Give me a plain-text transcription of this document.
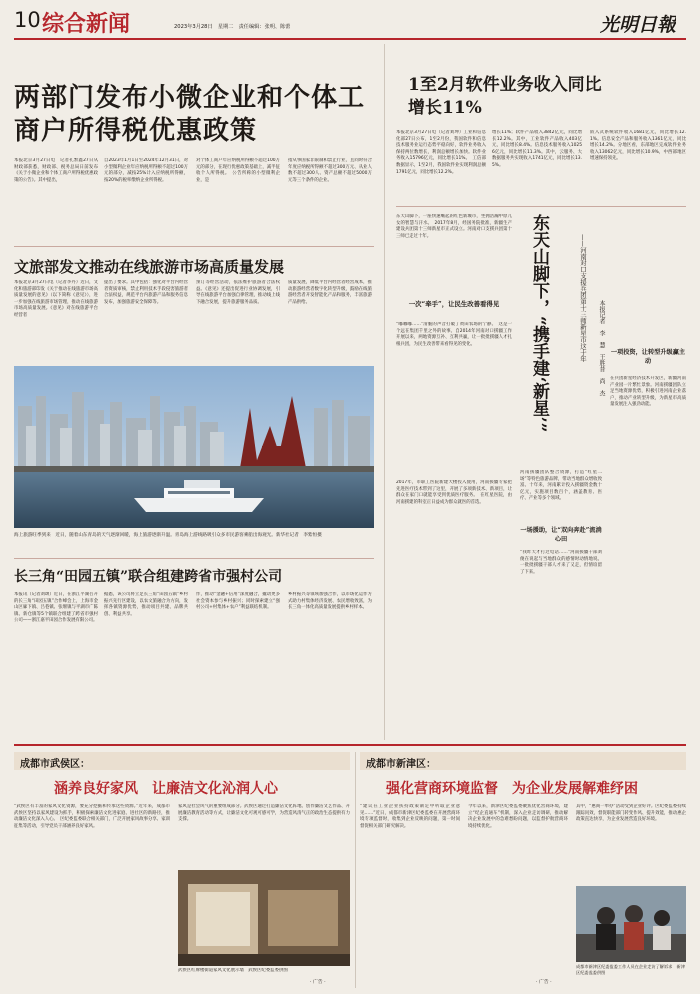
10 综合新闻	2023年3月28日　星期二　责任编辑：张明、陈蕾	光明日報
两部门发布小微企业和个体工商户所得税优惠政策
本报北京3月27日电　记者孔繁鑫27日从财政部获悉，财政部、税务总局日前发布《关于小微企业和个体工商户所得税优惠政策的公告》。其中提出，
自2023年1月1日至2024年12月31日，对小型微利企业年应纳税所得额不超过100万元的部分，减按25%计入应纳税所得额，按20%的税率缴纳企业所得税。
对个体工商户年应纳税所得额不超过100万元的部分，在现行优惠政策基础上，减半征收个人所得税。　公告所称的小型微利企业，是
指从事国家非限制和禁止行业，且同时符合年度应纳税所得额不超过300万元、从业人数不超过300人、资产总额不超过5000万元等三个条件的企业。
1至2月软件业务收入同比增长11%
本报北京3月27日电（记者刘坤）工业和信息化部27日公布，1至2月份，我国软件和信息技术服务业运行态势平稳向好，软件业务收入保持两位数增长，利润总额增长加快。软件业务收入15796亿元，同比增长11%。　工信部数据显示，1至2月，我国软件业实现利润总额1791亿元，同比增长12.2%。
增长11%；软件产品收入3842亿元，同比增长12.2%。其中，工业软件产品收入403亿元，同比增长8.4%。信息技术服务收入10256亿元，同比增长11.3%。其中，云服务、大数据服务共实现收入1741亿元，同比增长13.5%。
嵌入式系统软件收入1681亿元，同比增长12.1%。信息安全产品和服务收入1361亿元，同比增长14.2%。分地区看，东部地区完成软件业务收入13062亿元，同比增长10.9%，中西部地区增速保持领先。
文旅部发文推动在线旅游市场高质量发展
本报北京3月27日电（记者李丹）近日，文化和旅游部印发《关于推动在线旅游市场高质量发展的意见》（以下简称《意见》），进一步加强在线旅游市场管理，推动在线旅游市场高质量发展。《意见》对在线旅游平台经营者
提出了要求。其中包括：强化对平台内经营者资质审核，禁止利用技术手段侵害旅游者合法权益，规范平台内旅游产品和服务信息发布，加强旅游安全保障等。
预订等经营活动，依法维护旅游者合法权益。《意见》还提出促进行业协调发展，引导在线旅游平台加强自律管理，推动线上线下融合发展，提升旅游服务品质。
质量发展，降低平台内经营者经营成本，推动旅游经营者数字化转型升级，鼓励在线旅游经营者开发智能化产品和服务，丰富旅游产品供给。
海上旅游旺季到来　近日，随着山东青岛的天气逐渐回暖，海上旅游逐渐升温。青岛海上游线路吸引众多市民游客乘船出海观光。新华社记者　李紫恒摄
长三角“田园五镇”联合组建跨省市强村公司
本报讯（记者刘颂）近日，在浙江平湖召开的长三角“田园五镇”合作峰会上，上海市金山区廊下镇、吕巷镇、张堰镇与平湖市广陈镇、新仓镇等5个镇联合组建了跨省市强村公司——浙江嘉平田园合作发展有限公司。
据悉，该公司将立足长三角“田园五镇”乡村振兴先行区建设，以农文旅融合为方向，发挥各镇资源优势，推动项目共建、品牌共创、利益共享。
作，推动“金融+信用”深度融合，撬动更多社会资本参与乡村振兴；同时探索建立“强村公司+村集体+农户”利益联结机制。
乡村振兴等领域加强合作，以市场化运作方式助力村集体经济发展、农民增收致富，为长三角一体化高质量发展提供乡村样本。
东天山脚下，一座快速崛起的红色新城市，坐拥浩瀚中原儿女的智慧与汗水。　2017年8月，经国务院批准，新疆生产建设兵团第十三师新星市正式设立。河南对口支援兵团第十三师已走过十年。	东天山脚下，“携手建‘新星’”	——河南对口支援兵团第十三师新星市这十年	本报记者　李　慧　王胜昔　尚　杰
一次“牵手”，让民生改善看得见
“嘟嘟嘟……”清脆的声音打破了黄田农场的宁静。　这是一个远在集团千里之外的故事。自2014年河南对口援疆工作开展以来，两地资源互补、互利共赢，让一批批援疆人才扎根兵团，为民生改善带来看得见的变化。
2017年，市职工医院新建大楼投入使用，河南援疆专家把先进医疗技术带到了这里，开展了多项新技术、新项目，让群众在家门口就能享受到优质医疗服务。　在红星医院，由河南援建的科室正日益成为群众就医的首选。
河南援疆团队整合资源，打造“红星二场”等特色旅游品牌，带动当地群众增收致富。十年来，河南累计投入援疆资金数十亿元，实施项目数百个，涵盖教育、医疗、产业等多个领域。
一场援助，让“双向奔赴”流淌心田
“我昨天才打过电话……”河南援疆干部刘俊在说起与当地群众的感情时动情地说。一批批援疆干部人才来了又走，但情谊留了下来。
一项投资，让转型升级赢主动
在兵团新星经济技术开发区，新疆河南产业园一片繁忙景象。河南援疆团队立足当地资源优势，积极引进河南企业落户，推动产业转型升级，为新星市高质量发展注入强劲动能。
成都市武侯区：
涵养良好家风　让廉洁文化沁润人心
“武侯区有丰富的家风文化资源，要充分挖掘和传承这些资源。”近年来，成都市武侯区坚持以家风建设为抓手，积极探索廉洁文化进家庭、进社区的新路径，推动廉洁文化深入人心。　区纪委监委联合相关部门，广泛开展家风故事分享、家训征集等活动，引导党员干部涵养良好家风。
家风是社会风气的重要组成部分。武侯区通过打造廉洁文化阵地、创作廉洁文艺作品、开展廉洁教育活动等方式，让廉洁文化可观可感可学，为营造风清气正的政治生态提供有力支撑。
武侯区红牌楼街道家风文化展示墙　武侯区纪委监委供图
· 广告 ·
成都市新津区：
强化营商环境监督　为企业发展解难纾困
“建议在工业企业扶持政策制定中听取企业意见……”近日，成都市新津区纪委监委在开展营商环境专项监督时，收集到企业反映的问题，第一时间督促相关部门研究解决。
今年以来，新津区纪委监委聚焦优化营商环境，建立“纪企直通车”机制，深入企业走访调研，推动解决企业发展中的急难愁盼问题，以监督护航营商环境持续优化。
其中，“惠商一单办”活动受到企业好评。区纪委监委持续跟踪问效，督促职能部门转变作风、提升效能，推动惠企政策直达快享，为企业发展营造良好环境。
成都市新津区纪委监委工作人员在企业走访了解诉求　新津区纪委监委供图
· 广告 ·
